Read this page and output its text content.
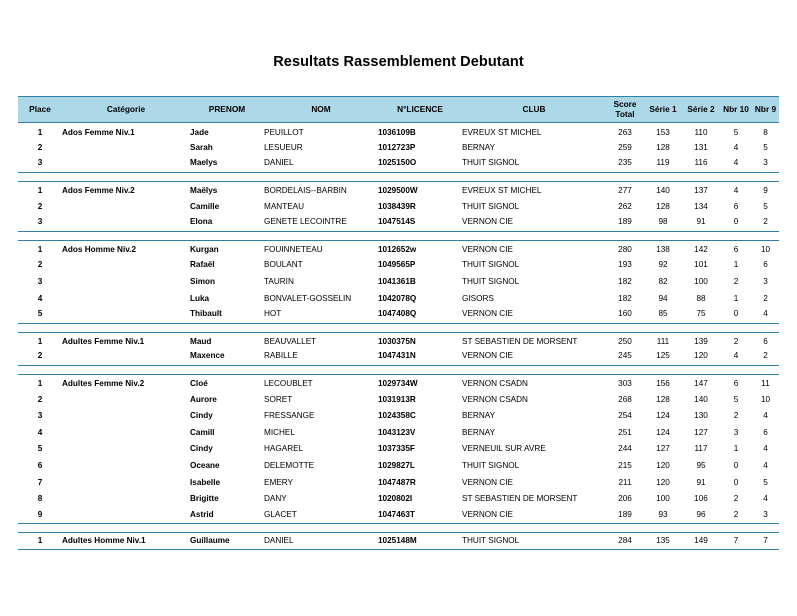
Resultats Rassemblement Debutant
Place	Catégorie	PRENOM	NOM	N°LICENCE	CLUB	Score Total	Série 1	Série 2	Nbr 10	Nbr 9
1	Ados Femme Niv.1	Jade	PEUILLOT	1036109B	EVREUX ST MICHEL	263	153	110	5	8
2		Sarah	LESUEUR	1012723P	BERNAY	259	128	131	4	5
3		Maelys	DANIEL	1025150O	THUIT SIGNOL	235	119	116	4	3

1	Ados Femme Niv.2	Maëlys	BORDELAIS--BARBIN	1029500W	EVREUX ST MICHEL	277	140	137	4	9
2		Camille	MANTEAU	1038439R	THUIT SIGNOL	262	128	134	6	5
3		Elona	GENETE LECOINTRE	1047514S	VERNON CIE	189	98	91	0	2

1	Ados Homme Niv.2	Kurgan	FOUINNETEAU	1012652w	VERNON CIE	280	138	142	6	10
2		Rafaël	BOULANT	1049565P	THUIT SIGNOL	193	92	101	1	6
3		Simon	TAURIN	1041361B	THUIT SIGNOL	182	82	100	2	3
4		Luka	BONVALET-GOSSELIN	1042078Q	GISORS	182	94	88	1	2
5		Thibault	HOT	1047408Q	VERNON CIE	160	85	75	0	4

1	Adultes Femme Niv.1	Maud	BEAUVALLET	1030375N	ST SEBASTIEN DE MORSENT	250	111	139	2	6
2		Maxence	RABILLE	1047431N	VERNON CIE	245	125	120	4	2

1	Adultes Femme Niv.2	Cloé	LECOUBLET	1029734W	VERNON CSADN	303	156	147	6	11
2		Aurore	SORET	1031913R	VERNON CSADN	268	128	140	5	10
3		Cindy	FRESSANGE	1024358C	BERNAY	254	124	130	2	4
4		Camill	MICHEL	1043123V	BERNAY	251	124	127	3	6
5		Cindy	HAGAREL	1037335F	VERNEUIL SUR AVRE	244	127	117	1	4
6		Oceane	DELEMOTTE	1029827L	THUIT SIGNOL	215	120	95	0	4
7		Isabelle	EMERY	1047487R	VERNON CIE	211	120	91	0	5
8		Brigitte	DANY	1020802I	ST SEBASTIEN DE MORSENT	206	100	106	2	4
9		Astrid	GLACET	1047463T	VERNON CIE	189	93	96	2	3

1	Adultes Homme Niv.1	Guillaume	DANIEL	1025148M	THUIT SIGNOL	284	135	149	7	7
